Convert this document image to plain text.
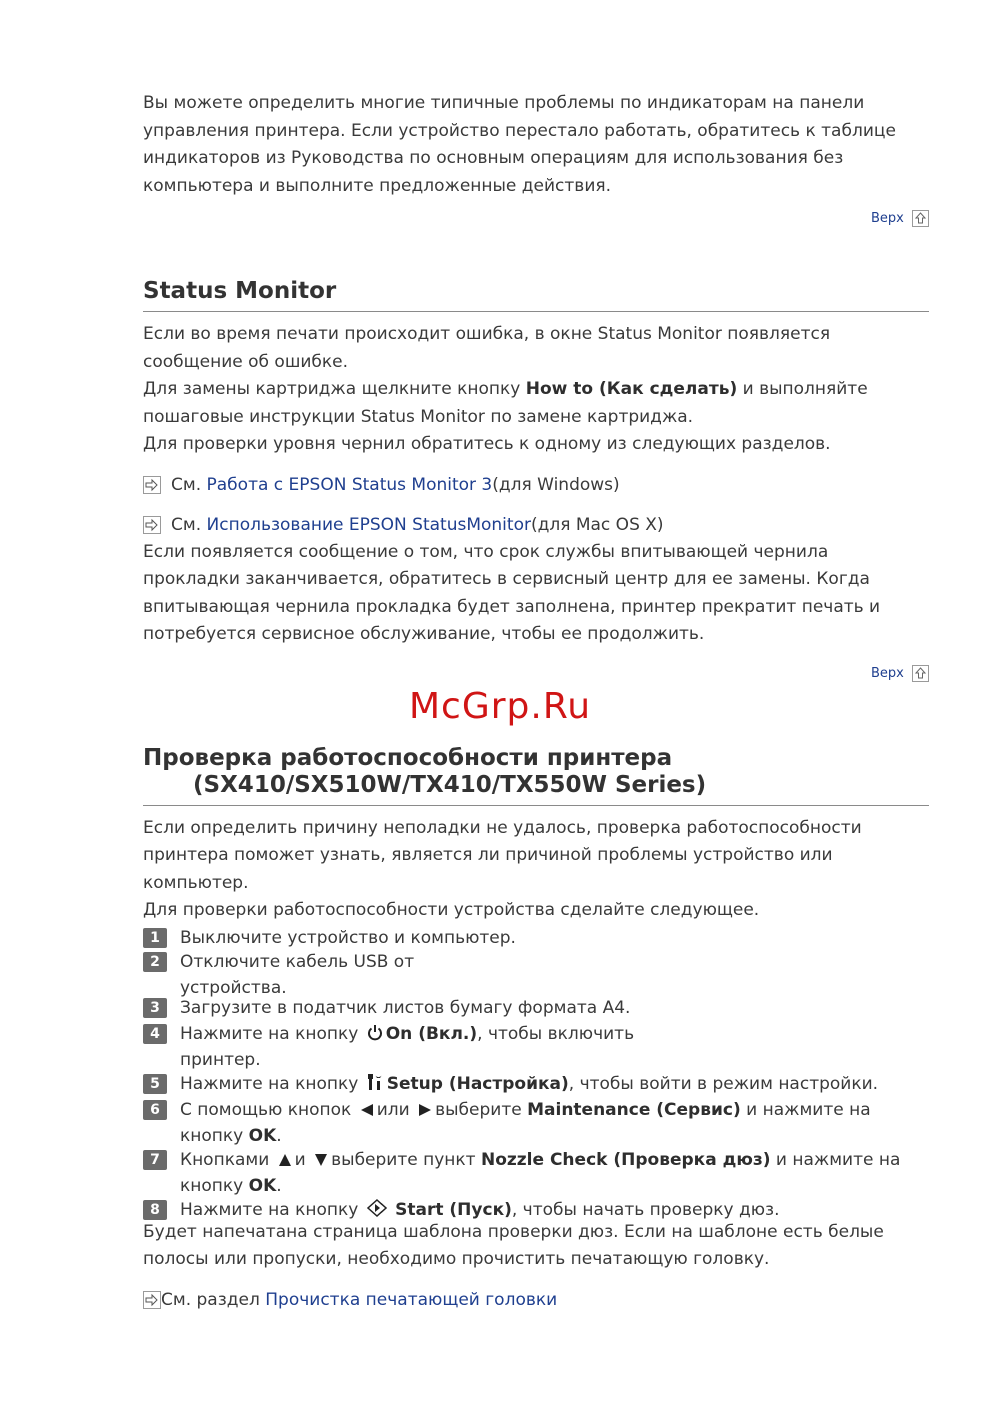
Вы можете определить многие типичные проблемы по индикаторам на панели управления принтера. Если устройство перестало работать, обратитесь к таблице индикаторов из Руководства по основным операциям для использования без компьютера и выполните предложенные действия.

Верх
Status Monitor

Если во время печати происходит ошибка, в окне Status Monitor появляется сообщение об ошибке.

Для замены картриджа щелкните кнопку How to (Как сделать) и выполняйте пошаговые инструкции Status Monitor по замене картриджа.

Для проверки уровня чернил обратитесь к одному из следующих разделов.

См.
Работа с EPSON Status Monitor 3 (для Windows)
См.
Использование EPSON StatusMonitor (для Mac OS X)

Если появляется сообщение о том, что срок службы впитывающей чернила прокладки заканчивается, обратитесь в сервисный центр для ее замены. Когда впитывающая чернила прокладка будет заполнена, принтер прекратит печать и потребуется сервисное обслуживание, чтобы ее продолжить.

Верх
Проверка работоспособности принтера
(SX410/SX510W/TX410/TX550W Series)

Если определить причину неполадки не удалось, проверка работоспособности принтера поможет узнать, является ли причиной проблемы устройство или компьютер.

Для проверки работоспособности устройства сделайте следующее.

1	Выключите устройство и компьютер.
2	Отключите кабель USB от
устройства.
3	Загрузите в податчик листов бумагу формата A4.
4	Нажмите на кнопку On (Вкл.), чтобы включить
принтер.
5	Нажмите на кнопку Setup (Настройка), чтобы войти в режим настройки.
6	С помощью кнопок или выберите Maintenance (Сервис) и нажмите на
кнопку OK.
7	Кнопками и выберите пункт Nozzle Check (Проверка дюз) и нажмите на
кнопку OK.
8	Нажмите на кнопку  Start (Пуск), чтобы начать проверку дюз.

Будет напечатана страница шаблона проверки дюз. Если на шаблоне есть белые полосы или пропуски, необходимо прочистить печатающую головку.

См. раздел
Прочистка печатающей головки
McGrp.Ru
